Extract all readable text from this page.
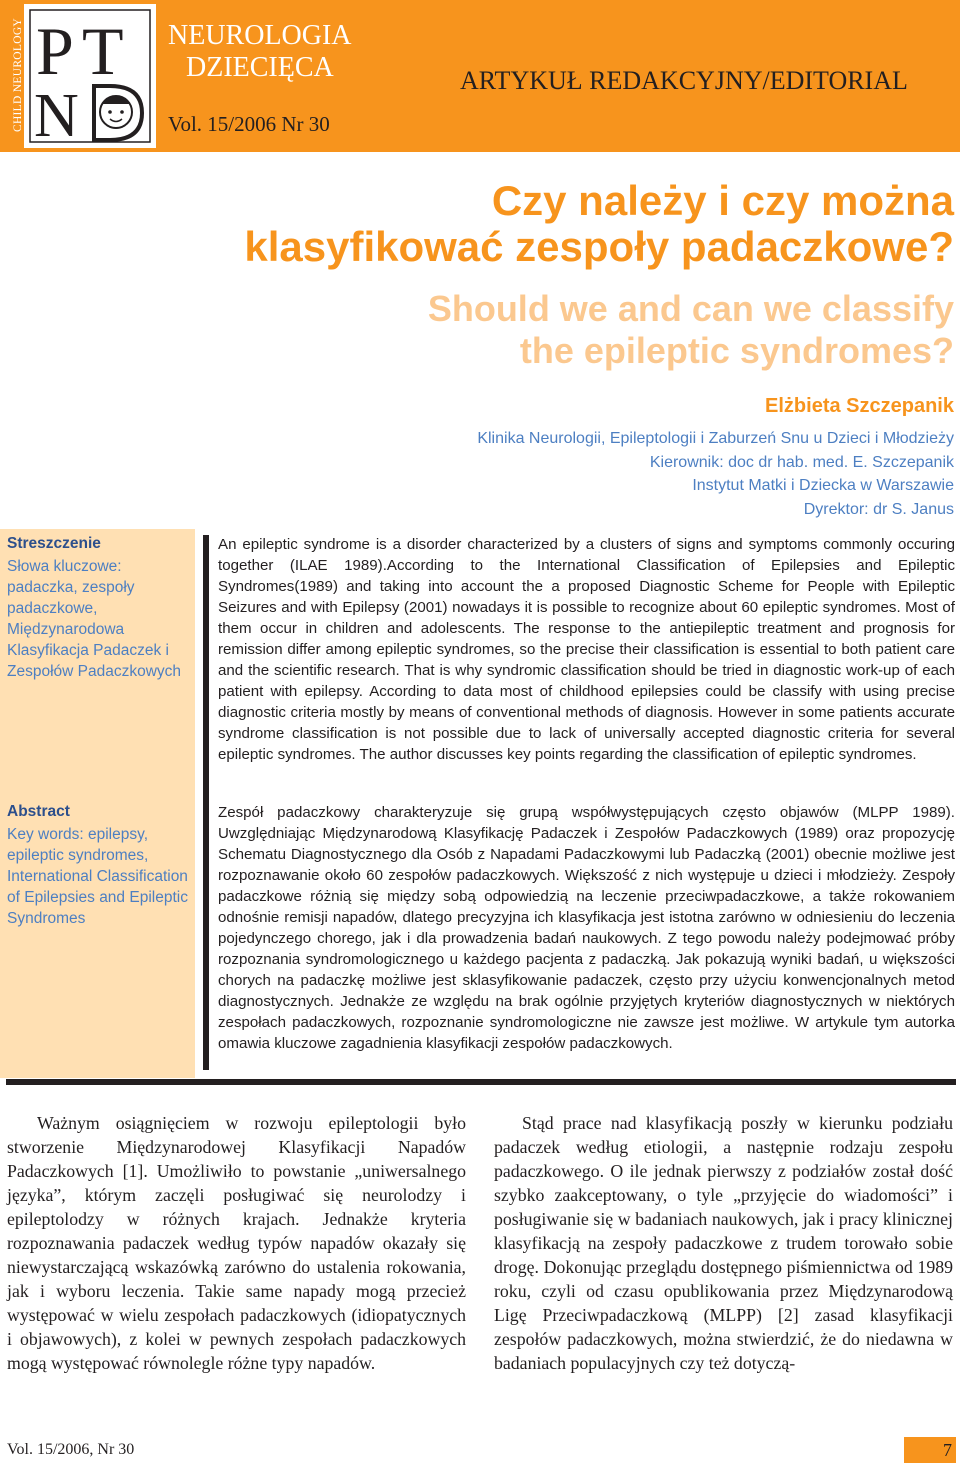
CHILD NEUROLOGY P T
N
NEUROLOGIA
DZIECIĘCA
Vol. 15/2006 Nr 30
ARTYKUŁ REDAKCYJNY/EDITORIAL
Czy należy i czy można
klasyfikować zespoły padaczkowe?
Should we and can we classify
the epileptic syndromes?
Elżbieta Szczepanik
Klinika Neurologii, Epileptologii i Zaburzeń Snu u Dzieci i Młodzieży
Kierownik: doc dr hab. med. E. Szczepanik
Instytut Matki i Dziecka w Warszawie
Dyrektor: dr S. Janus
Streszczenie
Słowa kluczowe: padaczka, zespoły padaczkowe, Międzynarodowa Klasyfikacja Padaczek i Zespołów Padaczkowych
Abstract
Key words: epilepsy, epileptic syndromes, International Classification of Epilepsies and Epileptic Syndromes
An epileptic syndrome is a disorder characterized by a clusters of signs and symptoms commonly occuring together (ILAE 1989).According to the International Classification of Epilepsies and Epileptic Syndromes(1989) and taking into account the a proposed Diagnostic Scheme for People with Epileptic Seizures and with Epilepsy (2001) nowadays it is possible to recognize about 60 epileptic syndromes. Most of them occur in children and adolescents. The response to the antiepileptic treatment and prognosis for remission differ among epileptic syndromes, so the precise their classification is essential to both patient care and the scientific research. That is why syndromic classification should be tried in diagnostic work-up of each patient with epilepsy. According to data most of childhood epilepsies could be classify with using precise diagnostic criteria mostly by means of conventional methods of diagnosis. However in some patients accurate syndrome classification is not possible due to lack of universally accepted diagnostic criteria for several epileptic syndromes. The author discusses key points regarding the classification of epileptic syndromes.
Zespół padaczkowy charakteryzuje się grupą współwystępujących często objawów (MLPP 1989). Uwzględniając Międzynarodową Klasyfikację Padaczek i Zespołów Padaczkowych (1989) oraz propozycję Schematu Diagnostycznego dla Osób z Napadami Padaczkowymi lub Padaczką (2001) obecnie możliwe jest rozpoznawanie około 60 zespołów padaczkowych. Większość z nich występuje u dzieci i młodzieży. Zespoły padaczkowe różnią się między sobą odpowiedzią na leczenie przeciwpadaczkowe, a także rokowaniem odnośnie remisji napadów, dlatego precyzyjna ich klasyfikacja jest istotna zarówno w odniesieniu do leczenia pojedynczego chorego, jak i dla prowadzenia badań naukowych. Z tego powodu należy podejmować próby rozpoznania syndromologicznego u każdego pacjenta z padaczką. Jak pokazują wyniki badań, u większości chorych na padaczkę możliwe jest sklasyfikowanie padaczek, często przy użyciu konwencjonalnych metod diagnostycznych. Jednakże ze względu na brak ogólnie przyjętych kryteriów diagnostycznych w niektórych zespołach padaczkowych, rozpoznanie syndromologiczne nie zawsze jest możliwe. W artykule tym autorka omawia kluczowe zagadnienia klasyfikacji zespołów padaczkowych.
Ważnym osiągnięciem w rozwoju epileptologii było stworzenie Międzynarodowej Klasyfikacji Napadów Padaczkowych [1]. Umożliwiło to powstanie „uniwersalnego języka”, którym zaczęli posługiwać się neurolodzy i epileptolodzy w różnych krajach. Jednakże kryteria rozpoznawania padaczek według typów napadów okazały się niewystarczającą wskazówką zarówno do ustalenia rokowania, jak i wyboru leczenia. Takie same napady mogą przecież występować w wielu zespołach padaczkowych (idiopatycznych i objawowych), z kolei w pewnych zespołach padaczkowych mogą występować równolegle różne typy napadów.
Stąd prace nad klasyfikacją poszły w kierunku podziału padaczek według etiologii, a następnie rodzaju zespołu padaczkowego. O ile jednak pierwszy z podziałów został dość szybko zaakceptowany, o tyle „przyjęcie do wiadomości” i posługiwanie się w badaniach naukowych, jak i pracy klinicznej klasyfikacją na zespoły padaczkowe z trudem torowało sobie drogę. Dokonując przeglądu dostępnego piśmiennictwa od 1989 roku, czyli od czasu opublikowania przez Międzynarodową Ligę Przeciwpadaczkową (MLPP) [2] zasad klasyfikacji zespołów padaczkowych, można stwierdzić, że do niedawna w badaniach populacyjnych czy też dotyczą-
Vol. 15/2006, Nr 30	7
